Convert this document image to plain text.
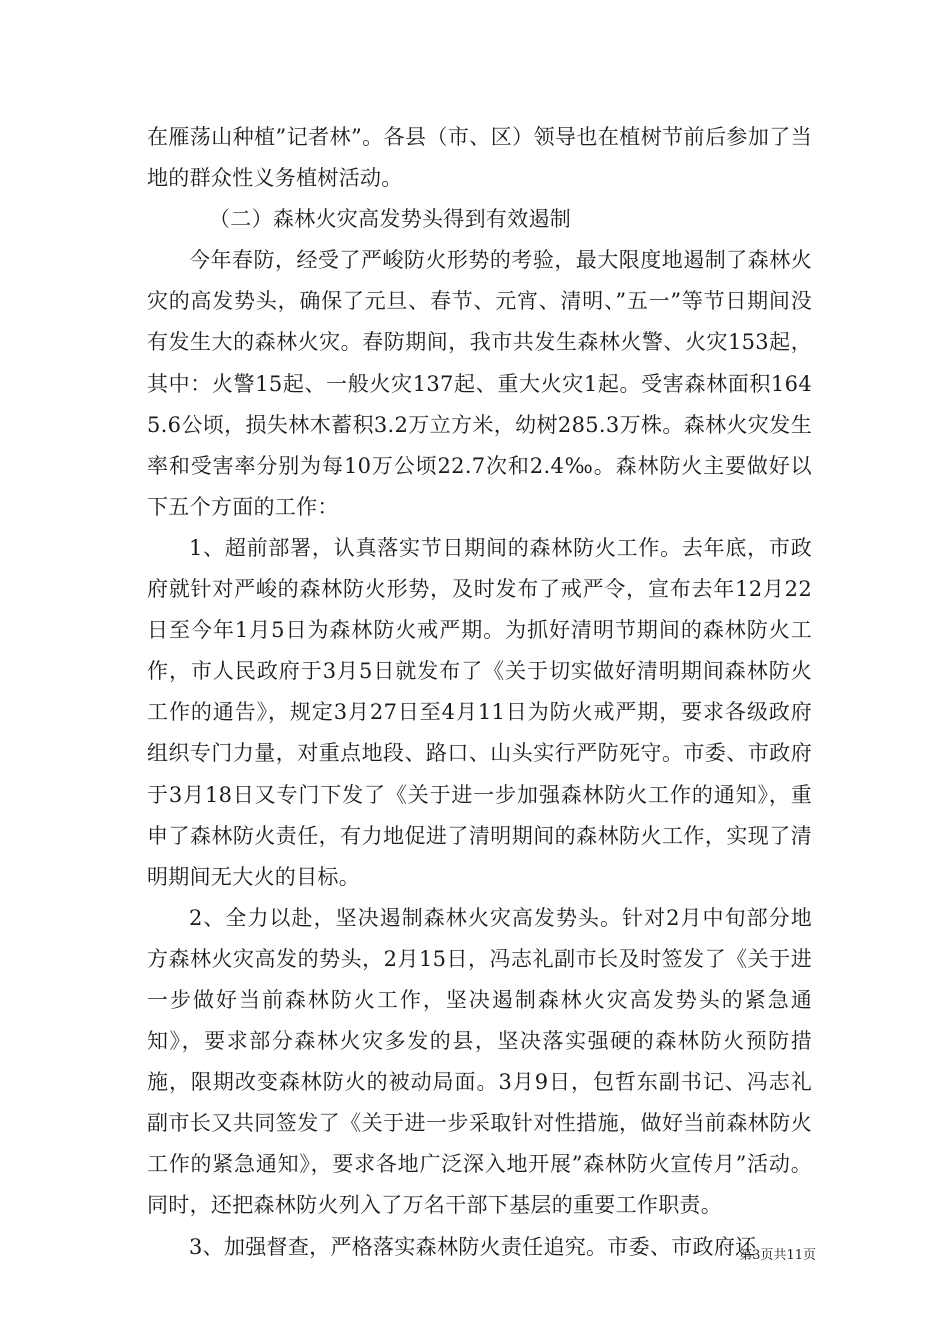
在雁荡山种植”记者林”。各县（市、区）领导也在植树节前后参加了当地的群众性义务植树活动。

（二）森林火灾高发势头得到有效遏制

今年春防，经受了严峻防火形势的考验，最大限度地遏制了森林火灾的高发势头，确保了元旦、春节、元宵、清明、”五一”等节日期间没有发生大的森林火灾。春防期间，我市共发生森林火警、火灾153起，其中：火警15起、一般火灾137起、重大火灾1起。受害森林面积1645.6公顷，损失林木蓄积3.2万立方米，幼树285.3万株。森林火灾发生率和受害率分别为每10万公顷22.7次和2.4‰。森林防火主要做好以下五个方面的工作：

1、超前部署，认真落实节日期间的森林防火工作。去年底，市政府就针对严峻的森林防火形势，及时发布了戒严令，宣布去年12月22日至今年1月5日为森林防火戒严期。为抓好清明节期间的森林防火工作，市人民政府于3月5日就发布了《关于切实做好清明期间森林防火工作的通告》，规定3月27日至4月11日为防火戒严期，要求各级政府组织专门力量，对重点地段、路口、山头实行严防死守。市委、市政府于3月18日又专门下发了《关于进一步加强森林防火工作的通知》，重申了森林防火责任，有力地促进了清明期间的森林防火工作，实现了清明期间无大火的目标。

2、全力以赴，坚决遏制森林火灾高发势头。针对2月中旬部分地方森林火灾高发的势头，2月15日，冯志礼副市长及时签发了《关于进一步做好当前森林防火工作，坚决遏制森林火灾高发势头的紧急通知》，要求部分森林火灾多发的县，坚决落实强硬的森林防火预防措施，限期改变森林防火的被动局面。3月9日，包哲东副书记、冯志礼副市长又共同签发了《关于进一步采取针对性措施，做好当前森林防火工作的紧急通知》，要求各地广泛深入地开展”森林防火宣传月”活动。同时，还把森林防火列入了万名干部下基层的重要工作职责。

3、加强督查，严格落实森林防火责任追究。市委、市政府还

第3页共11页
